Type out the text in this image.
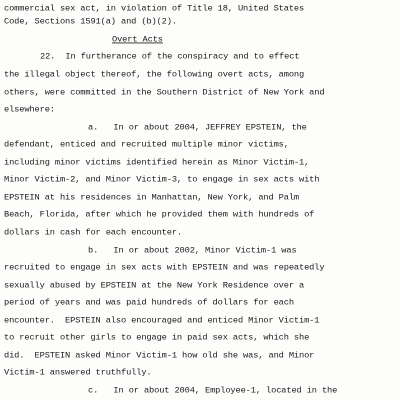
commercial sex act, in violation of Title 18, United States
Code, Sections 1591(a) and (b)(2).
Overt Acts
22.  In furtherance of the conspiracy and to effect
the illegal object thereof, the following overt acts, among
others, were committed in the Southern District of New York and
elsewhere:
a.   In or about 2004, JEFFREY EPSTEIN, the
defendant, enticed and recruited multiple minor victims,
including minor victims identified herein as Minor Victim-1,
Minor Victim-2, and Minor Victim-3, to engage in sex acts with
EPSTEIN at his residences in Manhattan, New York, and Palm
Beach, Florida, after which he provided them with hundreds of
dollars in cash for each encounter.
b.   In or about 2002, Minor Victim-1 was
recruited to engage in sex acts with EPSTEIN and was repeatedly
sexually abused by EPSTEIN at the New York Residence over a
period of years and was paid hundreds of dollars for each
encounter.  EPSTEIN also encouraged and enticed Minor Victim-1
to recruit other girls to engage in paid sex acts, which she
did.  EPSTEIN asked Minor Victim-1 how old she was, and Minor
Victim-1 answered truthfully.
c.   In or about 2004, Employee-1, located in the
